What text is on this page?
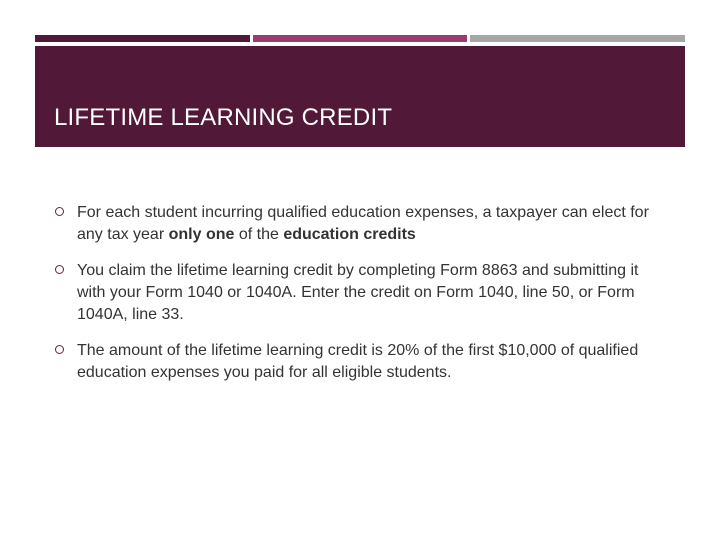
LIFETIME LEARNING CREDIT
For each student incurring qualified education expenses, a taxpayer can elect for any tax year only one of the education credits
You claim the lifetime learning credit by completing Form 8863 and submitting it with your Form 1040 or 1040A. Enter the credit on Form 1040, line 50, or Form 1040A, line 33.
The amount of the lifetime learning credit is 20% of the first $10,000 of qualified education expenses you paid for all eligible students.
